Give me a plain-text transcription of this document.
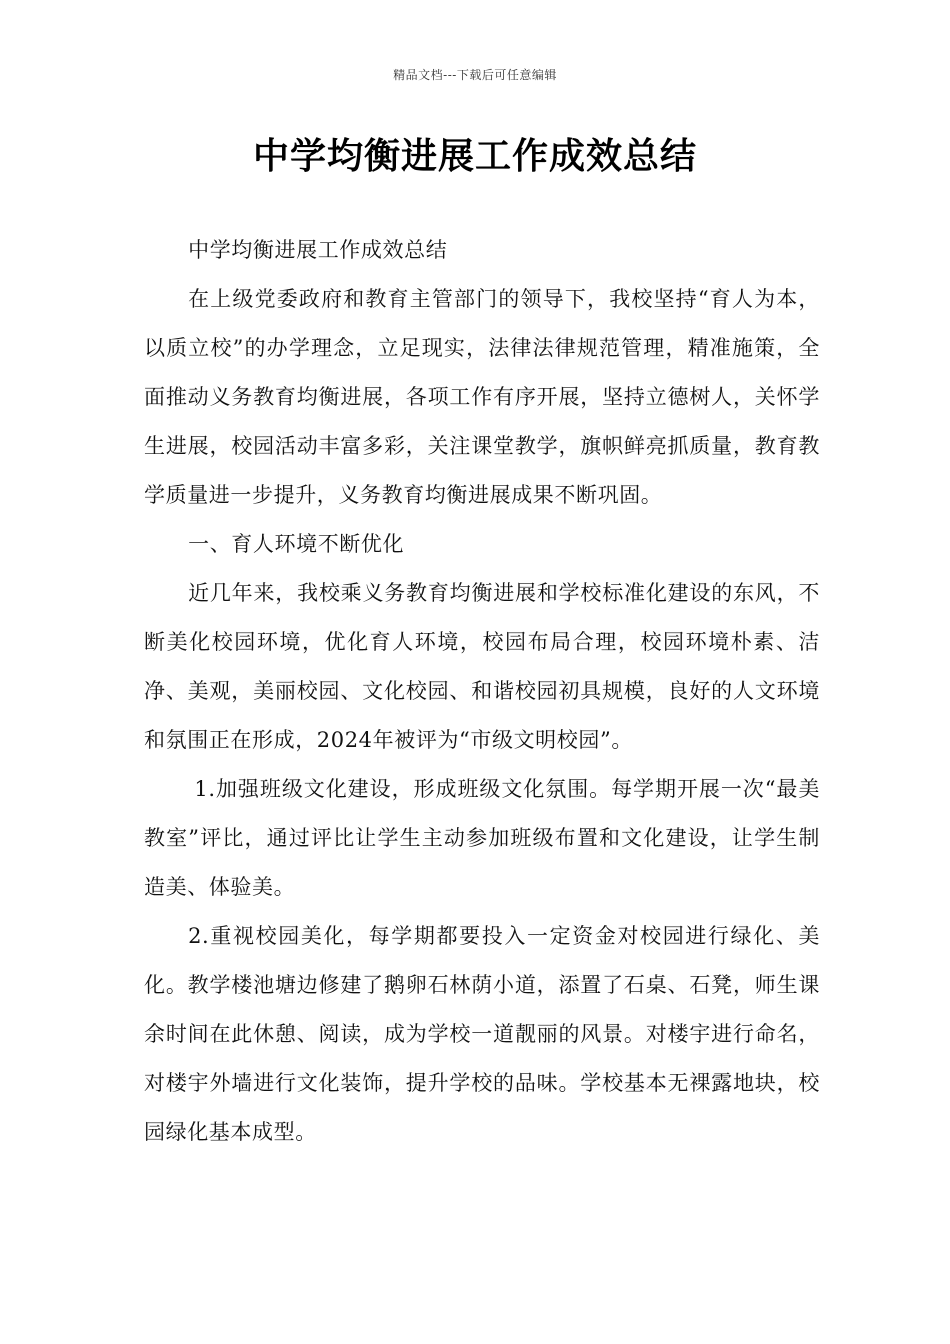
精品文档---下载后可任意编辑
中学均衡进展工作成效总结

中学均衡进展工作成效总结

在上级党委政府和教育主管部门的领导下，我校坚持“育人为本，以质立校”的办学理念，立足现实，法律法律规范管理，精准施策，全面推动义务教育均衡进展，各项工作有序开展，坚持立德树人，关怀学生进展，校园活动丰富多彩，关注课堂教学，旗帜鲜亮抓质量，教育教学质量进一步提升，义务教育均衡进展成果不断巩固。

一、育人环境不断优化

近几年来，我校乘义务教育均衡进展和学校标准化建设的东风，不断美化校园环境，优化育人环境，校园布局合理，校园环境朴素、洁净、美观，美丽校园、文化校园、和谐校园初具规模，良好的人文环境和氛围正在形成，2024年被评为“市级文明校园”。

1.加强班级文化建设，形成班级文化氛围。每学期开展一次“最美教室”评比，通过评比让学生主动参加班级布置和文化建设，让学生制造美、体验美。

2.重视校园美化，每学期都要投入一定资金对校园进行绿化、美化。教学楼池塘边修建了鹅卵石林荫小道，添置了石桌、石凳，师生课余时间在此休憩、阅读，成为学校一道靓丽的风景。对楼宇进行命名，对楼宇外墙进行文化装饰，提升学校的品味。学校基本无裸露地块，校园绿化基本成型。
